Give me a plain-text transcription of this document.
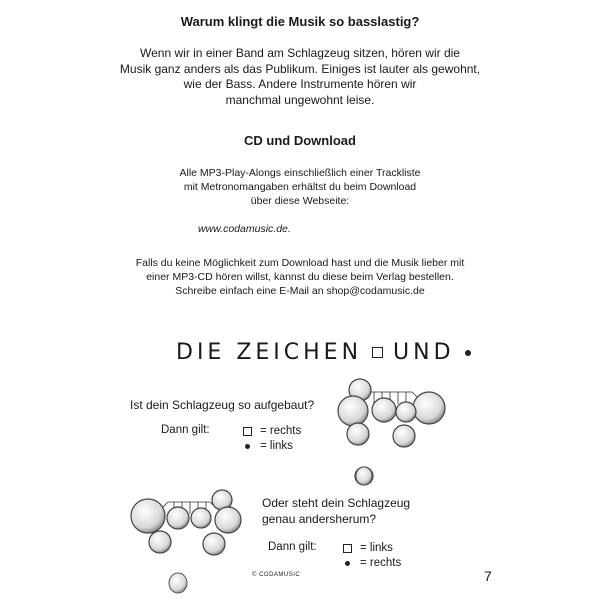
Warum klingt die Musik so basslastig?
Wenn wir in einer Band am Schlagzeug sitzen, hören wir die
Musik ganz anders als das Publikum. Einiges ist lauter als gewohnt,
wie der Bass. Andere Instrumente hören wir
manchmal ungewohnt leise.
CD und Download
Alle MP3-Play-Alongs einschließlich einer Trackliste
mit Metronomangaben erhältst du beim Download
über diese Webseite:
www.codamusic.de.
Falls du keine Möglichkeit zum Download hast und die Musik lieber mit
einer MP3-CD hören willst, kannst du diese beim Verlag bestellen.
Schreibe einfach eine E-Mail an shop@codamusic.de
DIE ZEICHEN UND
Ist dein Schlagzeug so aufgebaut?
Dann gilt:	= rechts
= links
Oder steht dein Schlagzeug
genau andersherum?
Dann gilt:	= links
= rechts
© CODAMUSIC	7
